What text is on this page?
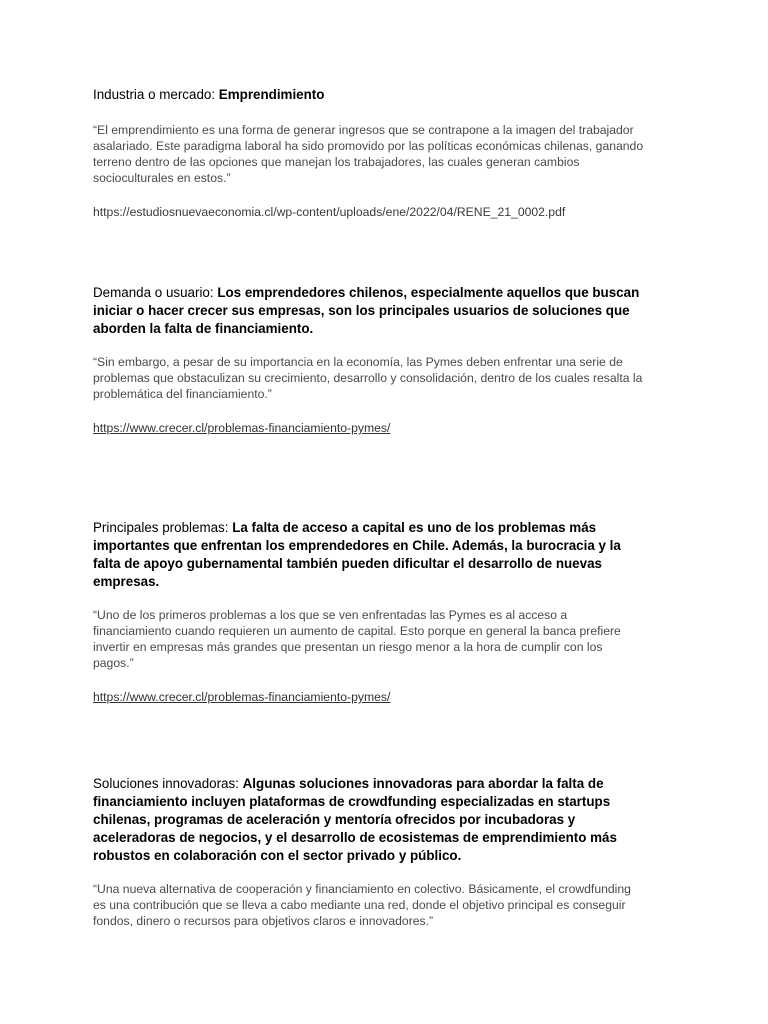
Industria o mercado: Emprendimiento

“El emprendimiento es una forma de generar ingresos que se contrapone a la imagen del trabajador
asalariado. Este paradigma laboral ha sido promovido por las políticas económicas chilenas, ganando
terreno dentro de las opciones que manejan los trabajadores, las cuales generan cambios
socioculturales en estos.”

https://estudiosnuevaeconomia.cl/wp-content/uploads/ene/2022/04/RENE_21_0002.pdf

Demanda o usuario: Los emprendedores chilenos, especialmente aquellos que buscan
iniciar o hacer crecer sus empresas, son los principales usuarios de soluciones que
aborden la falta de financiamiento.

“Sin embargo, a pesar de su importancia en la economía, las Pymes deben enfrentar una serie de
problemas que obstaculizan su crecimiento, desarrollo y consolidación, dentro de los cuales resalta la
problemática del financiamiento.”

https://www.crecer.cl/problemas-financiamiento-pymes/

Principales problemas: La falta de acceso a capital es uno de los problemas más
importantes que enfrentan los emprendedores en Chile. Además, la burocracia y la
falta de apoyo gubernamental también pueden dificultar el desarrollo de nuevas
empresas.

“Uno de los primeros problemas a los que se ven enfrentadas las Pymes es al acceso a
financiamiento cuando requieren un aumento de capital. Esto porque en general la banca prefiere
invertir en empresas más grandes que presentan un riesgo menor a la hora de cumplir con los
pagos.”

https://www.crecer.cl/problemas-financiamiento-pymes/

Soluciones innovadoras: Algunas soluciones innovadoras para abordar la falta de
financiamiento incluyen plataformas de crowdfunding especializadas en startups
chilenas, programas de aceleración y mentoría ofrecidos por incubadoras y
aceleradoras de negocios, y el desarrollo de ecosistemas de emprendimiento más
robustos en colaboración con el sector privado y público.

“Una nueva alternativa de cooperación y financiamiento en colectivo. Básicamente, el crowdfunding
es una contribución que se lleva a cabo mediante una red, donde el objetivo principal es conseguir
fondos, dinero o recursos para objetivos claros e innovadores.”
